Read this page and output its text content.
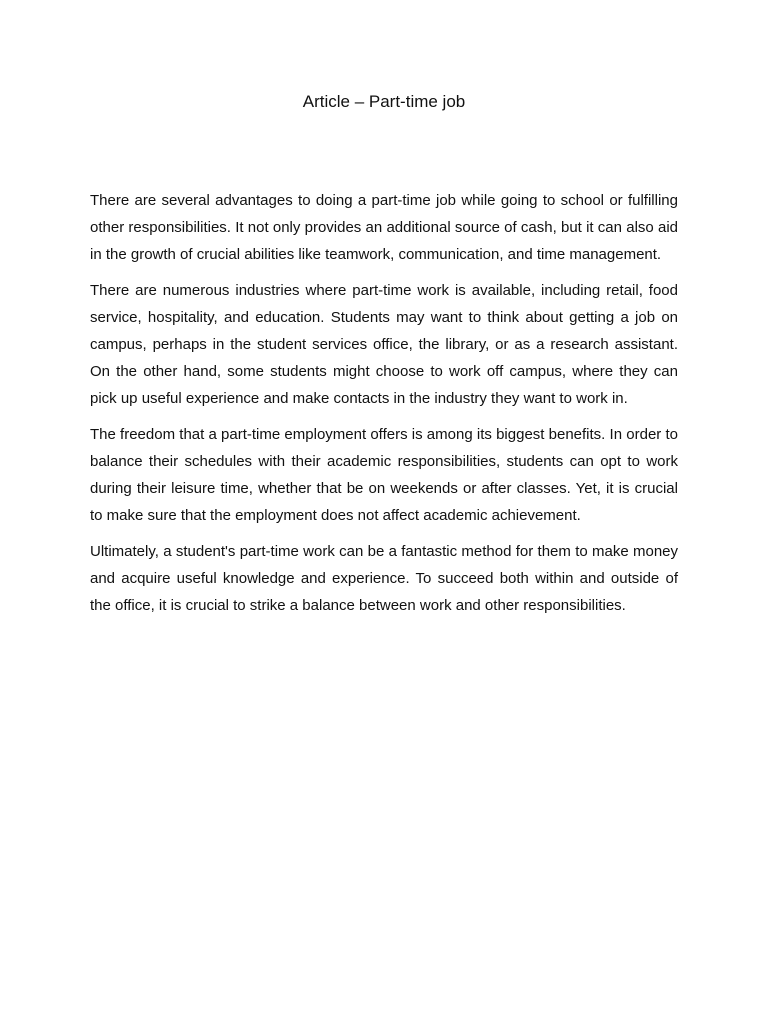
Article – Part-time job

There are several advantages to doing a part-time job while going to school or fulfilling other responsibilities. It not only provides an additional source of cash, but it can also aid in the growth of crucial abilities like teamwork, communication, and time management.

There are numerous industries where part-time work is available, including retail, food service, hospitality, and education. Students may want to think about getting a job on campus, perhaps in the student services office, the library, or as a research assistant. On the other hand, some students might choose to work off campus, where they can pick up useful experience and make contacts in the industry they want to work in.

The freedom that a part-time employment offers is among its biggest benefits. In order to balance their schedules with their academic responsibilities, students can opt to work during their leisure time, whether that be on weekends or after classes. Yet, it is crucial to make sure that the employment does not affect academic achievement.

Ultimately, a student's part-time work can be a fantastic method for them to make money and acquire useful knowledge and experience. To succeed both within and outside of the office, it is crucial to strike a balance between work and other responsibilities.
